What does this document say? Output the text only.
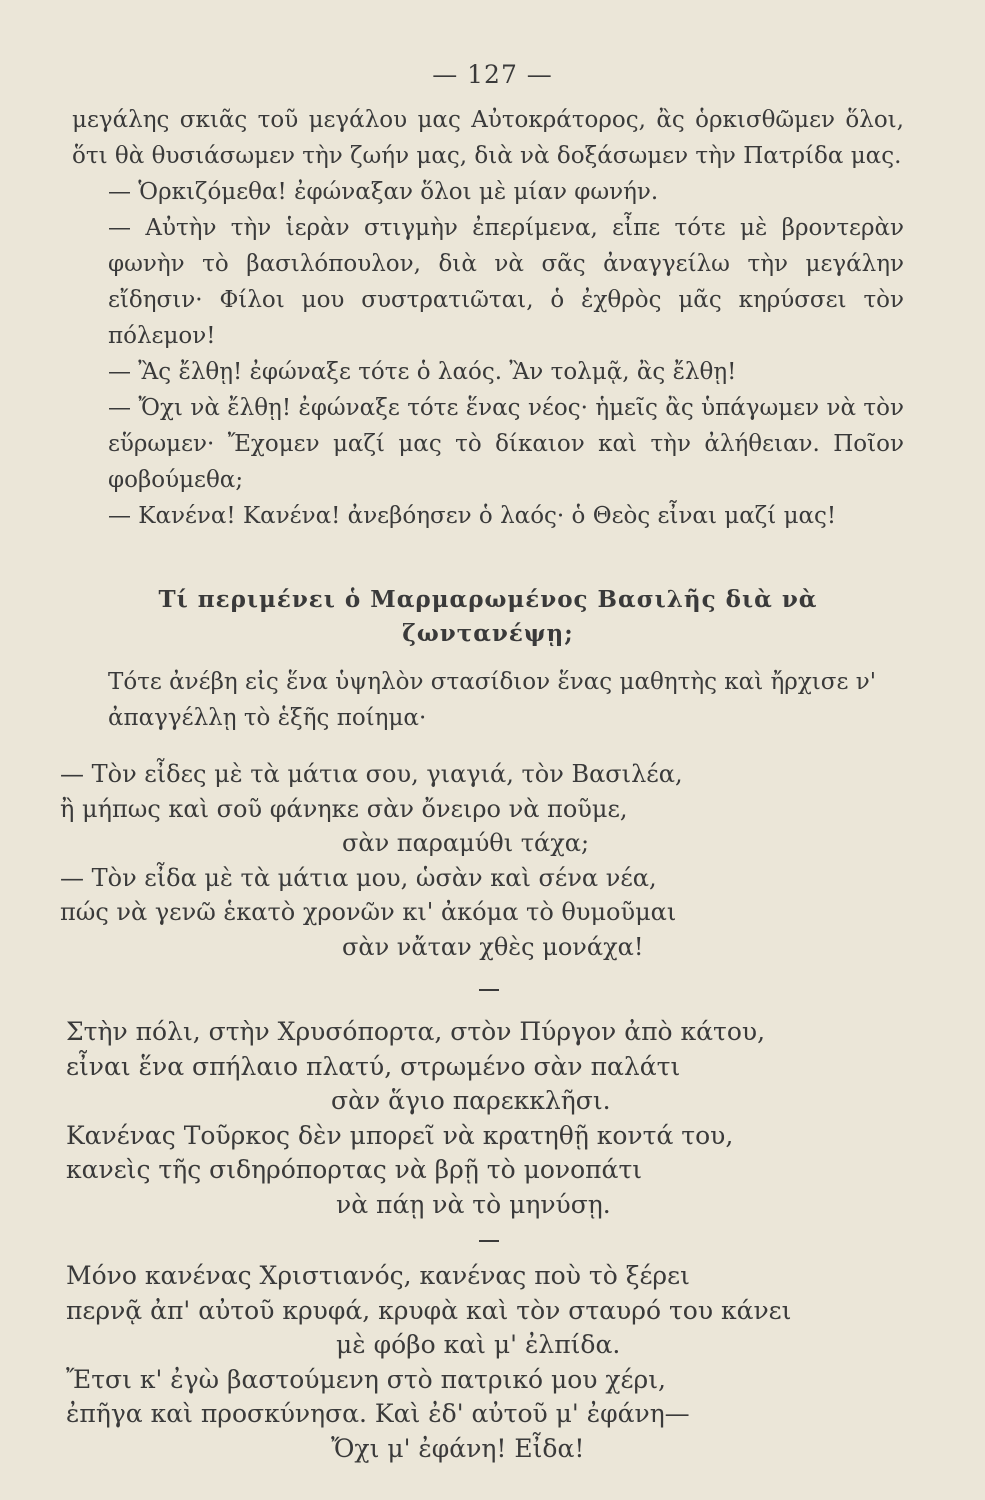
— 127 —

μεγάλης σκιᾶς τοῦ μεγάλου μας Αὐτοκράτορος, ἂς ὁρκισθῶμεν ὅλοι, ὅτι θὰ θυσιάσωμεν τὴν ζωήν μας, διὰ νὰ δοξάσωμεν τὴν Πατρίδα μας.

— Ὁρκιζόμεθα! ἐφώναξαν ὅλοι μὲ μίαν φωνήν.

— Αὐτὴν τὴν ἱερὰν στιγμὴν ἐπερίμενα, εἶπε τότε μὲ βροντερὰν φωνὴν τὸ βασιλόπουλον, διὰ νὰ σᾶς ἀναγγείλω τὴν μεγάλην εἴδησιν· Φίλοι μου συστρατιῶται, ὁ ἐχθρὸς μᾶς κηρύσσει τὸν πόλεμον!

— Ἂς ἔλθῃ! ἐφώναξε τότε ὁ λαός. Ἂν τολμᾷ, ἂς ἔλθῃ!

— Ὄχι νὰ ἔλθῃ! ἐφώναξε τότε ἕνας νέος· ἡμεῖς ἂς ὑπάγωμεν νὰ τὸν εὕρωμεν· Ἔχομεν μαζί μας τὸ δίκαιον καὶ τὴν ἀλήθειαν. Ποῖον φοβούμεθα;

— Κανένα! Κανένα! ἀνεβόησεν ὁ λαός· ὁ Θεὸς εἶναι μαζί μας!

Τί περιμένει ὁ Μαρμαρωμένος Βασιλῆς διὰ νὰ
ζωντανέψῃ;

Τότε ἀνέβη εἰς ἕνα ὑψηλὸν στασίδιον ἕνας μαθητὴς καὶ ἤρχισε ν' ἀπαγγέλλῃ τὸ ἑξῆς ποίημα·

— Τὸν εἶδες μὲ τὰ μάτια σου, γιαγιά, τὸν Βασιλέα,
ἢ μήπως καὶ σοῦ φάνηκε σὰν ὄνειρο νὰ ποῦμε,
σὰν παραμύθι τάχα;
— Τὸν εἶδα μὲ τὰ μάτια μου, ὡσὰν καὶ σένα νέα,
πώς νὰ γενῶ ἑκατὸ χρονῶν κι' ἀκόμα τὸ θυμοῦμαι
σὰν νἄταν χθὲς μονάχα!
Στὴν πόλι, στὴν Χρυσόπορτα, στὸν Πύργον ἀπὸ κάτου,
εἶναι ἕνα σπήλαιο πλατύ, στρωμένο σὰν παλάτι
σὰν ἅγιο παρεκκλῆσι.
Κανένας Τοῦρκος δὲν μπορεῖ νὰ κρατηθῇ κοντά του,
κανεὶς τῆς σιδηρόπορτας νὰ βρῇ τὸ μονοπάτι
νὰ πάῃ νὰ τὸ μηνύσῃ.
Μόνο κανένας Χριστιανός, κανένας ποὺ τὸ ξέρει
περνᾷ ἀπ' αὐτοῦ κρυφά, κρυφὰ καὶ τὸν σταυρό του κάνει
μὲ φόβο καὶ μ' ἐλπίδα.
Ἔτσι κ' ἐγὼ βαστούμενη στὸ πατρικό μου χέρι,
ἐπῆγα καὶ προσκύνησα. Καὶ ἐδ' αὐτοῦ μ' ἐφάνη—
Ὄχι μ' ἐφάνη! Εἶδα!
